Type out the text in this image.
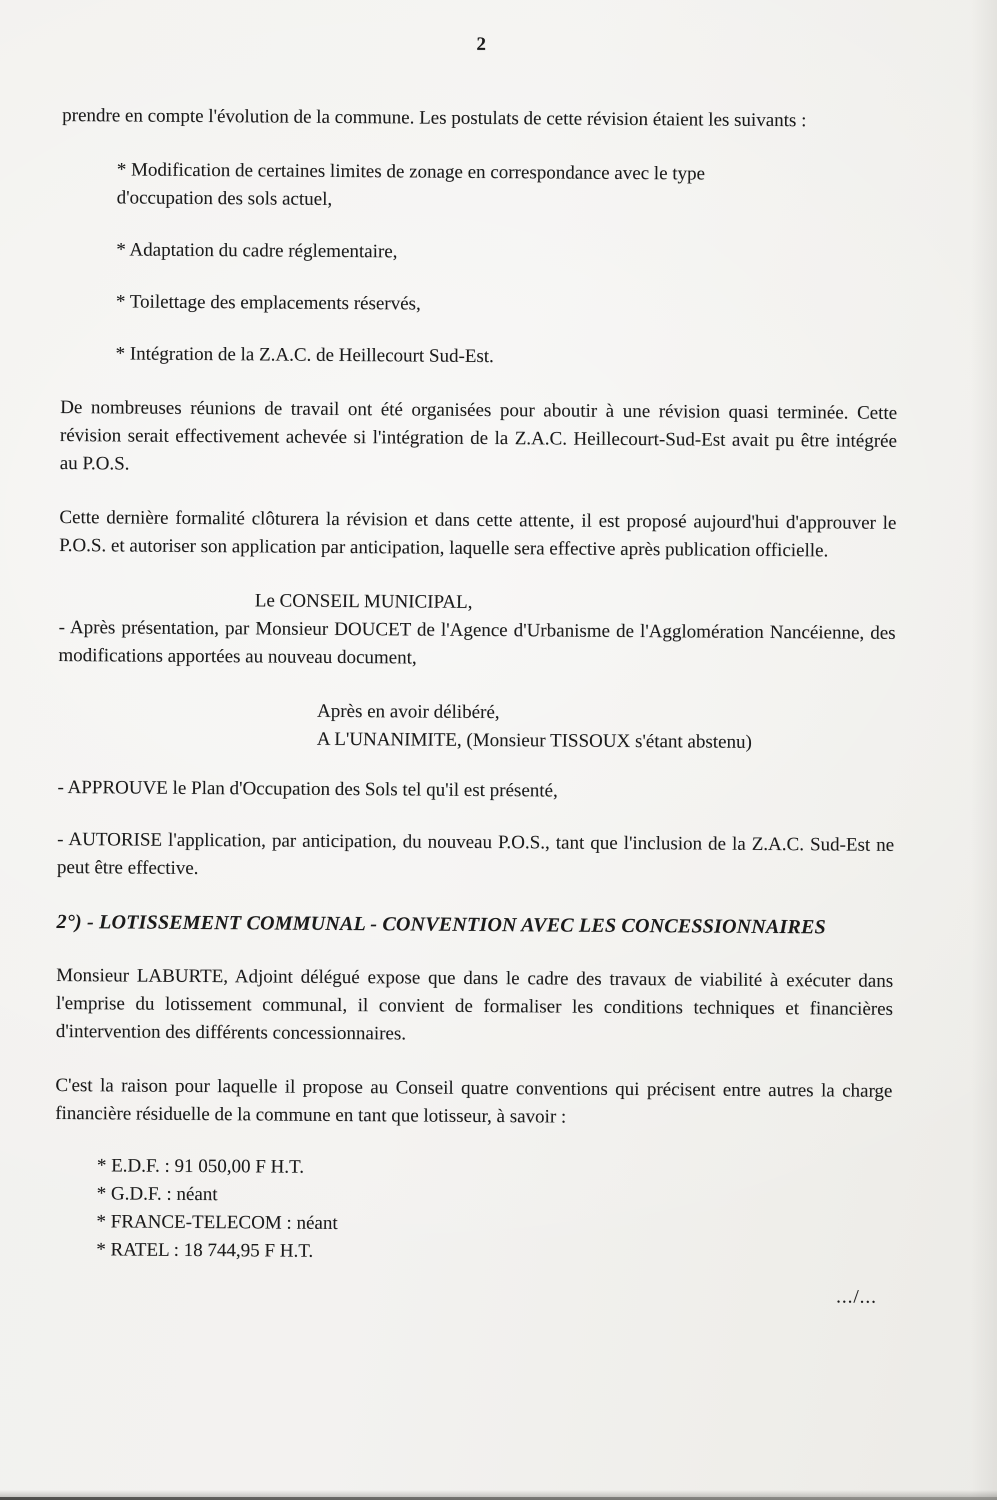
2

prendre en compte l'évolution de la commune. Les postulats de cette révision étaient les suivants :

* Modification de certaines limites de zonage en correspondance avec le type d'occupation des sols actuel,

* Adaptation du cadre réglementaire,

* Toilettage des emplacements réservés,

* Intégration de la Z.A.C. de Heillecourt Sud-Est.

De nombreuses réunions de travail ont été organisées pour aboutir à une révision quasi terminée. Cette révision serait effectivement achevée si l'intégration de la Z.A.C. Heillecourt-Sud-Est avait pu être intégrée au P.O.S.

Cette dernière formalité clôturera la révision et dans cette attente, il est proposé aujourd'hui d'approuver le P.O.S. et autoriser son application par anticipation, laquelle sera effective après publication officielle.

Le CONSEIL MUNICIPAL,

- Après présentation, par Monsieur DOUCET de l'Agence d'Urbanisme de l'Agglomération Nancéienne, des modifications apportées au nouveau document,

Après en avoir délibéré,

A L'UNANIMITE, (Monsieur TISSOUX s'étant abstenu)

- APPROUVE le Plan d'Occupation des Sols tel qu'il est présenté,

- AUTORISE l'application, par anticipation, du nouveau P.O.S., tant que l'inclusion de la Z.A.C. Sud-Est ne peut être effective.

2°) - LOTISSEMENT COMMUNAL - CONVENTION AVEC LES CONCESSIONNAIRES

Monsieur LABURTE, Adjoint délégué expose que dans le cadre des travaux de viabilité à exécuter dans l'emprise du lotissement communal, il convient de formaliser les conditions techniques et financières d'intervention des différents concessionnaires.

C'est la raison pour laquelle il propose au Conseil quatre conventions qui précisent entre autres la charge financière résiduelle de la commune en tant que lotisseur, à savoir :

* E.D.F. : 91 050,00 F H.T.

* G.D.F. : néant

* FRANCE-TELECOM : néant

* RATEL : 18 744,95 F H.T.

.../...
